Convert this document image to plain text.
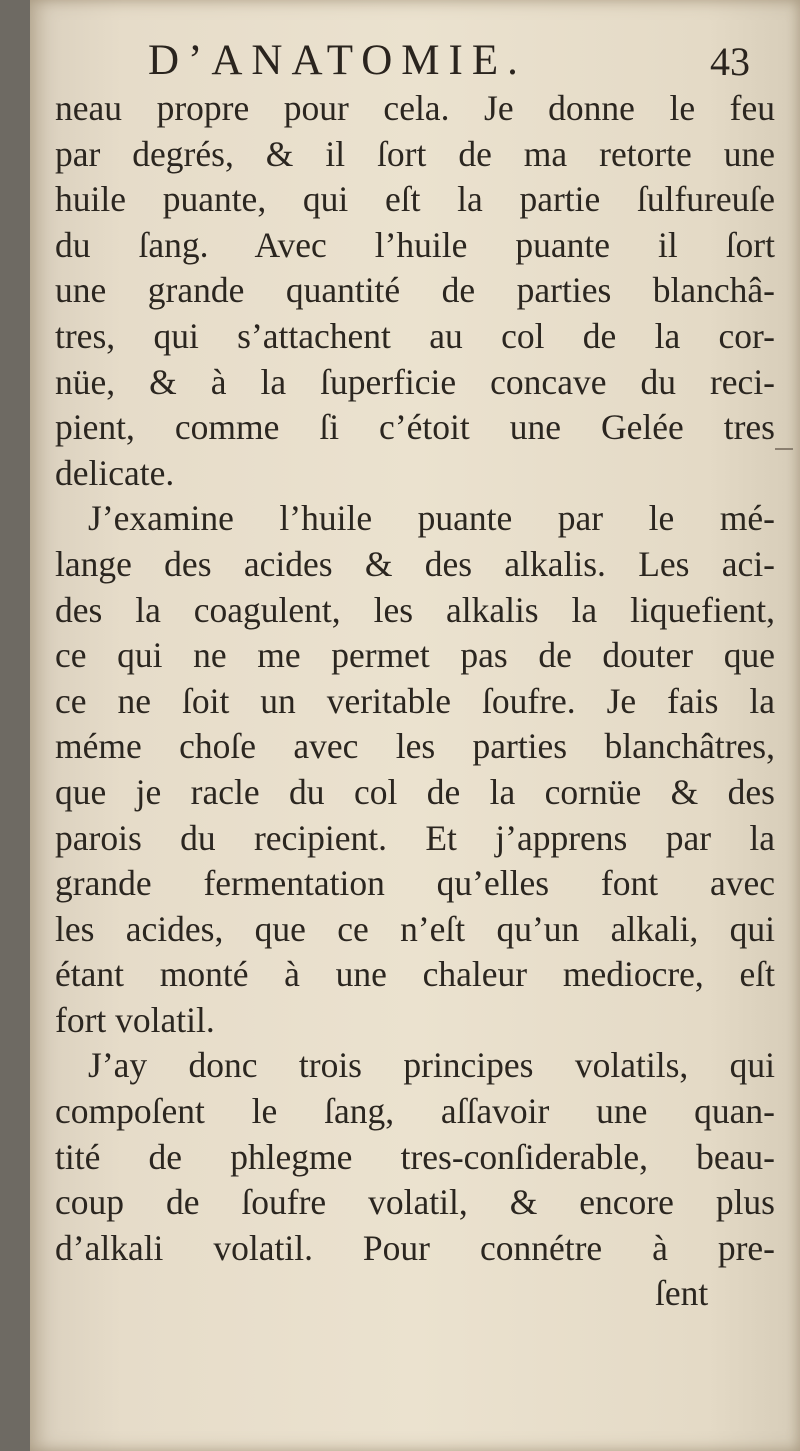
D’ANATOMIE.	43
neau propre pour cela. Je donne le feu
par degrés, & il ſort de ma retorte une
huile puante, qui eſt la partie ſulfureuſe
du ſang. Avec l’huile puante il ſort
une grande quantité de parties blanchâ-
tres, qui s’attachent au col de la cor-
nüe, & à la ſuperficie concave du reci-
pient, comme ſi c’étoit une Gelée tres
delicate.
J’examine l’huile puante par le mé-
lange des acides & des alkalis. Les aci-
des la coagulent, les alkalis la liquefient,
ce qui ne me permet pas de douter que
ce ne ſoit un veritable ſoufre. Je fais la
méme choſe avec les parties blanchâtres,
que je racle du col de la cornüe & des
parois du recipient. Et j’apprens par la
grande fermentation qu’elles font avec
les acides, que ce n’eſt qu’un alkali, qui
étant monté à une chaleur mediocre, eſt
fort volatil.
J’ay donc trois principes volatils, qui
compoſent le ſang, aſſavoir une quan-
tité de phlegme tres-conſiderable, beau-
coup de ſoufre volatil, & encore plus
d’alkali volatil. Pour connétre à pre-
ſent
